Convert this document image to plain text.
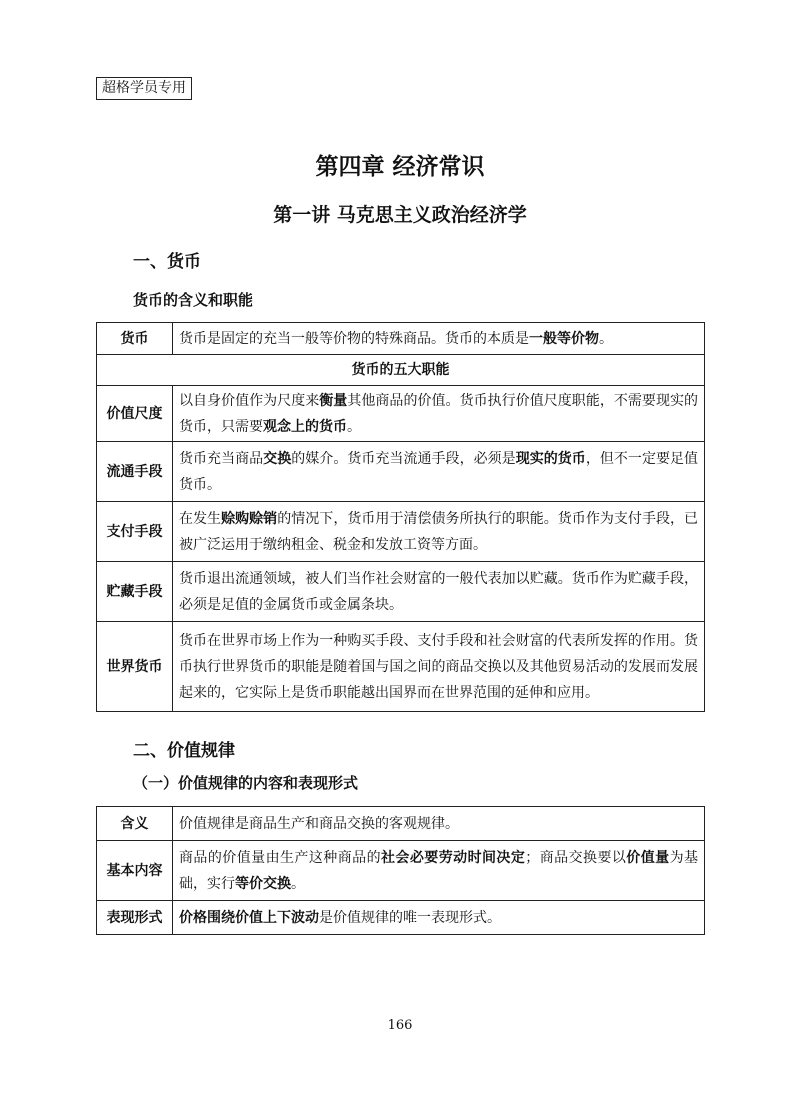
超格学员专用
第四章 经济常识
第一讲 马克思主义政治经济学
一、货币
货币的含义和职能
货币	货币是固定的充当一般等价物的特殊商品。货币的本质是一般等价物。
货币的五大职能	
价值尺度	以自身价值作为尺度来衡量其他商品的价值。货币执行价值尺度职能，不需要现实的货币，只需要观念上的货币。
流通手段	货币充当商品交换的媒介。货币充当流通手段，必须是现实的货币，但不一定要足值货币。
支付手段	在发生赊购赊销的情况下，货币用于清偿债务所执行的职能。货币作为支付手段，已被广泛运用于缴纳租金、税金和发放工资等方面。
贮藏手段	货币退出流通领域，被人们当作社会财富的一般代表加以贮藏。货币作为贮藏手段，必须是足值的金属货币或金属条块。
世界货币	货币在世界市场上作为一种购买手段、支付手段和社会财富的代表所发挥的作用。货币执行世界货币的职能是随着国与国之间的商品交换以及其他贸易活动的发展而发展起来的，它实际上是货币职能越出国界而在世界范围的延伸和应用。
二、价值规律
（一）价值规律的内容和表现形式
含义	价值规律是商品生产和商品交换的客观规律。
基本内容	商品的价值量由生产这种商品的社会必要劳动时间决定；商品交换要以价值量为基础，实行等价交换。
表现形式	价格围绕价值上下波动是价值规律的唯一表现形式。
166
